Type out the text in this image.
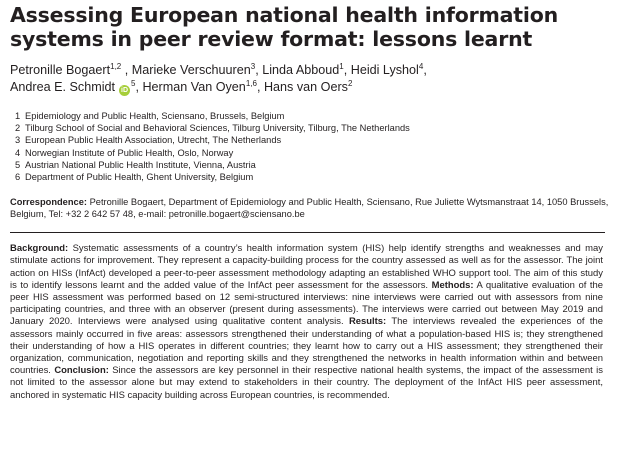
Assessing European national health information systems in peer review format: lessons learnt
Petronille Bogaert$^{1,2}$ , Marieke Verschuuren$^3$, Linda Abboud$^1$, Heidi Lyshol$^4$,
Andrea E. Schmidt $iD^5$, Herman Van Oyen$^{1,6}$, Hans van Oers$^2$
1 Epidemiology and Public Health, Sciensano, Brussels, Belgium
2 Tilburg School of Social and Behavioral Sciences, Tilburg University, Tilburg, The Netherlands
3 European Public Health Association, Utrecht, The Netherlands
4 Norwegian Institute of Public Health, Oslo, Norway
5 Austrian National Public Health Institute, Vienna, Austria
6 Department of Public Health, Ghent University, Belgium
Correspondence: Petronille Bogaert, Department of Epidemiology and Public Health, Sciensano, Rue Juliette Wytsmanstraat 14, 1050 Brussels, Belgium, Tel: +32 2 642 57 48, e-mail: petronille.bogaert@sciensano.be
Background: Systematic assessments of a country’s health information system (HIS) help identify strengths and weaknesses and may stimulate actions for improvement. They represent a capacity-building process for the country assessed as well as for the assessor. The joint action on HISs (InfAct) developed a peer-to-peer assessment methodology adapting an established WHO support tool. The aim of this study is to identify lessons learnt and the added value of the InfAct peer assessment for the assessors. Methods: A qualitative evaluation of the peer HIS assessment was performed based on 12 semi-structured interviews: nine interviews were carried out with assessors from nine participating countries, and three with an observer (present during assessments). The interviews were carried out between May 2019 and January 2020. Interviews were analysed using qualitative content analysis. Results: The interviews revealed the experiences of the assessors mainly occurred in five areas: assessors strengthened their understanding of what a population-based HIS is; they strengthened their understanding of how a HIS operates in different countries; they learnt how to carry out a HIS assessment; they strengthened their organization, communication, negotiation and reporting skills and they strengthened the networks in health information within and between countries. Conclusion: Since the assessors are key personnel in their respective national health systems, the impact of the assessment is not limited to the assessor alone but may extend to stakeholders in their country. The deployment of the InfAct HIS peer assessment, anchored in systematic HIS capacity building across European countries, is recommended.
